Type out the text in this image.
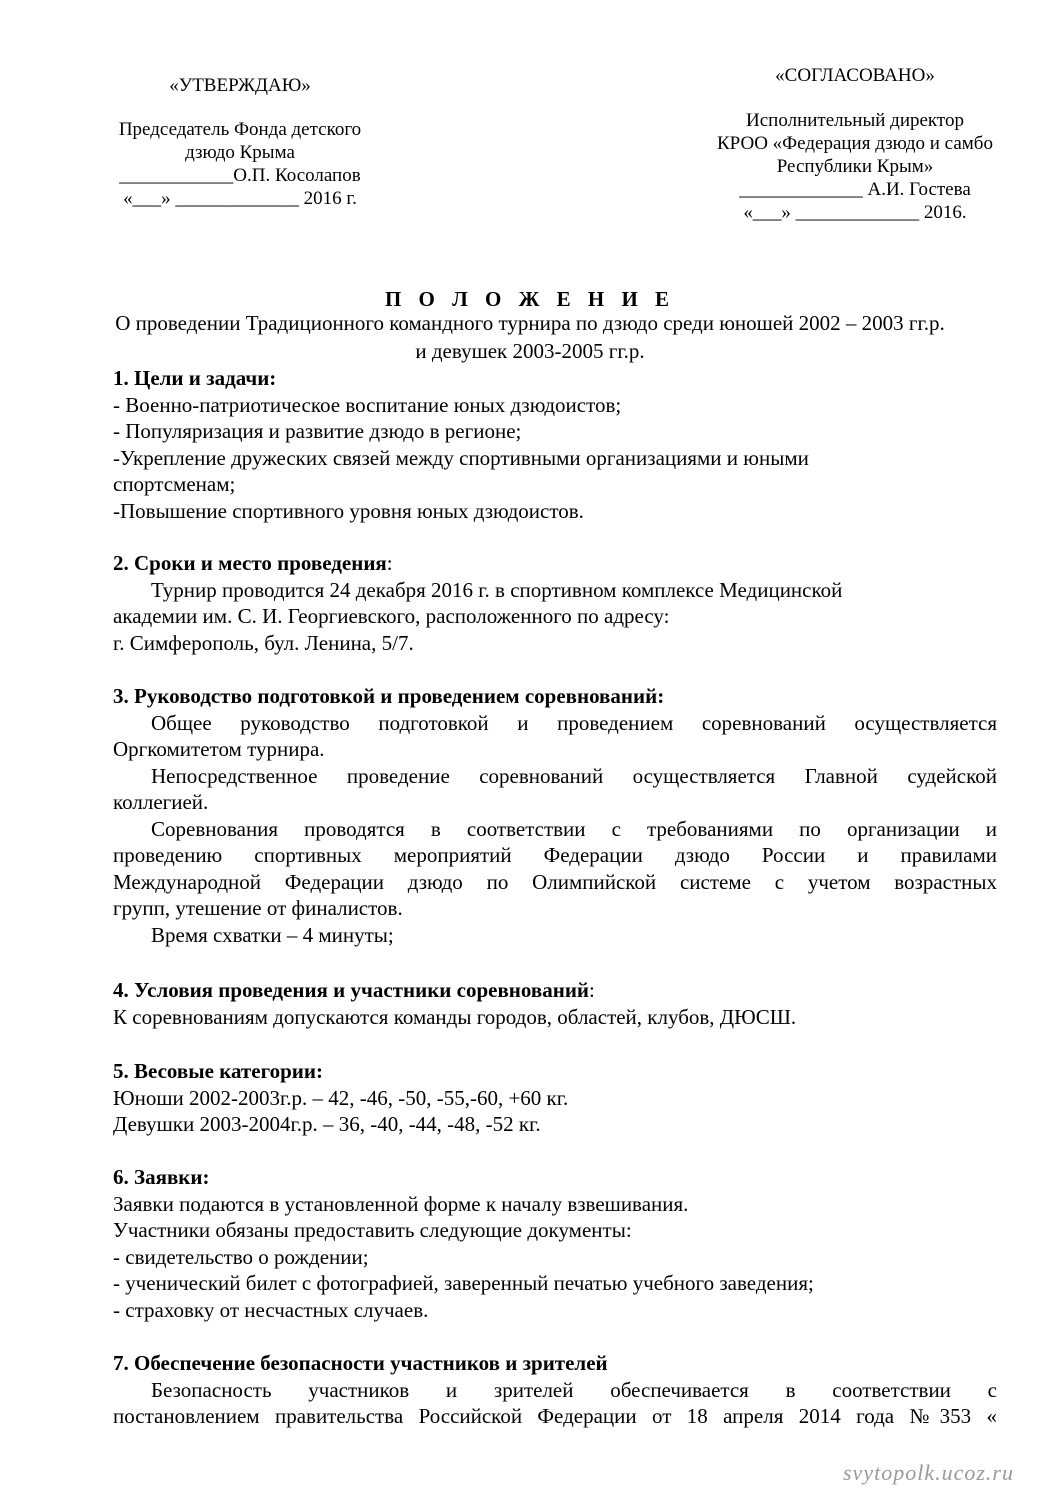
«УТВЕРЖДАЮ»
Председатель Фонда детского
дзюдо Крыма
____________О.П. Косолапов
«___» _____________ 2016 г.
«СОГЛАСОВАНО»
Исполнительный директор
КРОО «Федерация дзюдо и самбо
Республики Крым»
_____________ А.И. Гостева
«___» _____________ 2016.
П О Л О Ж Е Н И Е
О проведении Традиционного командного турнира по дзюдо среди юношей 2002 – 2003 гг.р.
и девушек 2003-2005 гг.р.
1. Цели и задачи:
- Военно-патриотическое воспитание юных дзюдоистов;
- Популяризация и развитие дзюдо в регионе;
-Укрепление дружеских связей между спортивными организациями и юными
спортсменам;
-Повышение спортивного уровня юных дзюдоистов.
2. Сроки и место проведения:
Турнир проводится 24 декабря 2016 г. в спортивном комплексе Медицинской
академии им. С. И. Георгиевского, расположенного по адресу:
г. Симферополь, бул. Ленина, 5/7.
3. Руководство подготовкой и проведением соревнований:
Общее руководство подготовкой и проведением соревнований осуществляется
Оргкомитетом турнира.
Непосредственное проведение соревнований осуществляется Главной судейской
коллегией.
Соревнования проводятся в соответствии с требованиями по организации и
проведению спортивных мероприятий Федерации дзюдо России и правилами
Международной Федерации дзюдо по Олимпийской системе с учетом возрастных
групп, утешение от финалистов.
Время схватки – 4 минуты;
4. Условия проведения и участники соревнований:
К соревнованиям допускаются команды городов, областей, клубов, ДЮСШ.
5. Весовые категории:
Юноши 2002-2003г.р. – 42, -46, -50, -55,-60, +60 кг.
Девушки 2003-2004г.р. – 36, -40, -44, -48, -52 кг.
6. Заявки:
Заявки подаются в установленной форме к началу взвешивания.
Участники обязаны предоставить следующие документы:
- свидетельство о рождении;
- ученический билет с фотографией, заверенный печатью учебного заведения;
- страховку от несчастных случаев.
7. Обеспечение безопасности участников и зрителей
Безопасность участников и зрителей обеспечивается в соответствии с
постановлением правительства Российской Федерации от 18 апреля 2014 года №353 «
svytopolk.ucoz.ru
